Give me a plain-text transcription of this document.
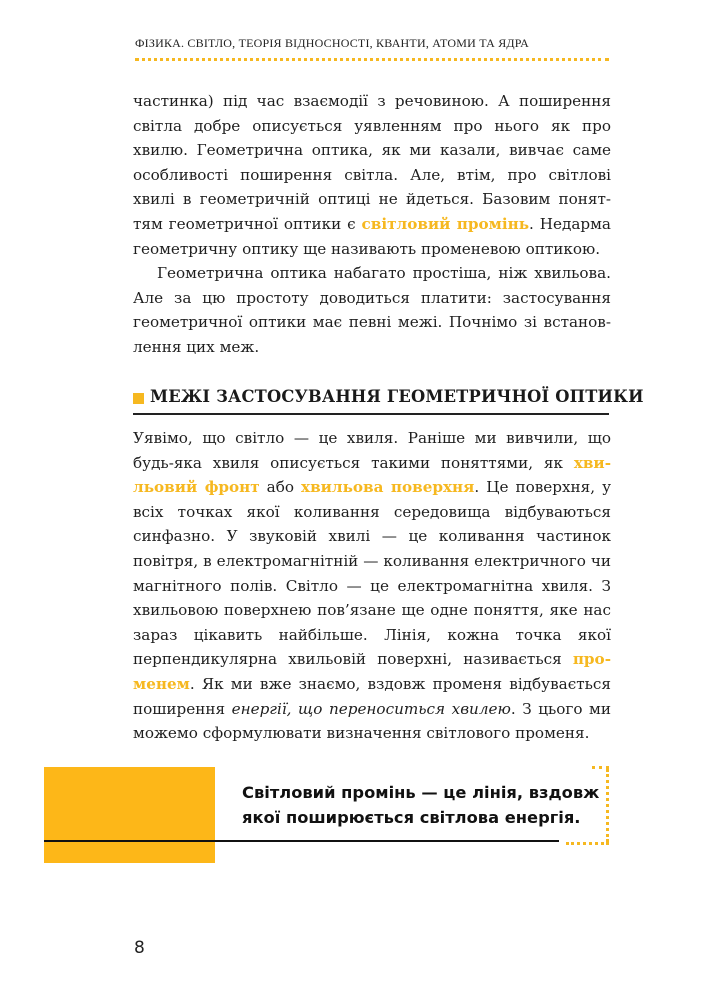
ФІЗИКА. СВІТЛО, ТЕОРІЯ ВІДНОСНОСТІ, КВАНТИ, АТОМИ ТА ЯДРА

частинка) під час взаємодії з речовиною. А поширення світла добре описується уявленням про нього як про хвилю. Геометрична оптика, як ми казали, вивчає саме особливості поширення світла. Але, втім, про світлові хвилі в геометричній оптиці не йдеться. Базовим поняттям геометричної оптики є світловий промінь. Недарма геометричну оптику ще називають променевою оптикою.

Геометрична оптика набагато простіша, ніж хвильова. Але за цю простоту доводиться платити: застосування геометричної оптики має певні межі. Почнімо зі встановлення цих меж.

МЕЖІ ЗАСТОСУВАННЯ ГЕОМЕТРИЧНОЇ ОПТИКИ

Уявімо, що світло — це хвиля. Раніше ми вивчили, що будь-яка хвиля описується такими поняттями, як хвильовий фронт або хвильова поверхня. Це поверхня, у всіх точках якої коливання середовища відбуваються синфазно. У звуковій хвилі — це коливання частинок повітря, в електромагнітній — коливання електричного чи магнітного полів. Світло — це електромагнітна хвиля. З хвильовою поверхнею пов’язане ще одне поняття, яке нас зараз цікавить найбільше. Лінія, кожна точка якої перпендикулярна хвильовій поверхні, називається променем. Як ми вже знаємо, вздовж променя відбувається поширення енергії, що переноситься хвилею. З цього ми можемо сформулювати визначення світлового променя.

Світловий промінь — це лінія, вздовж
якої поширюється світлова енергія.
8
